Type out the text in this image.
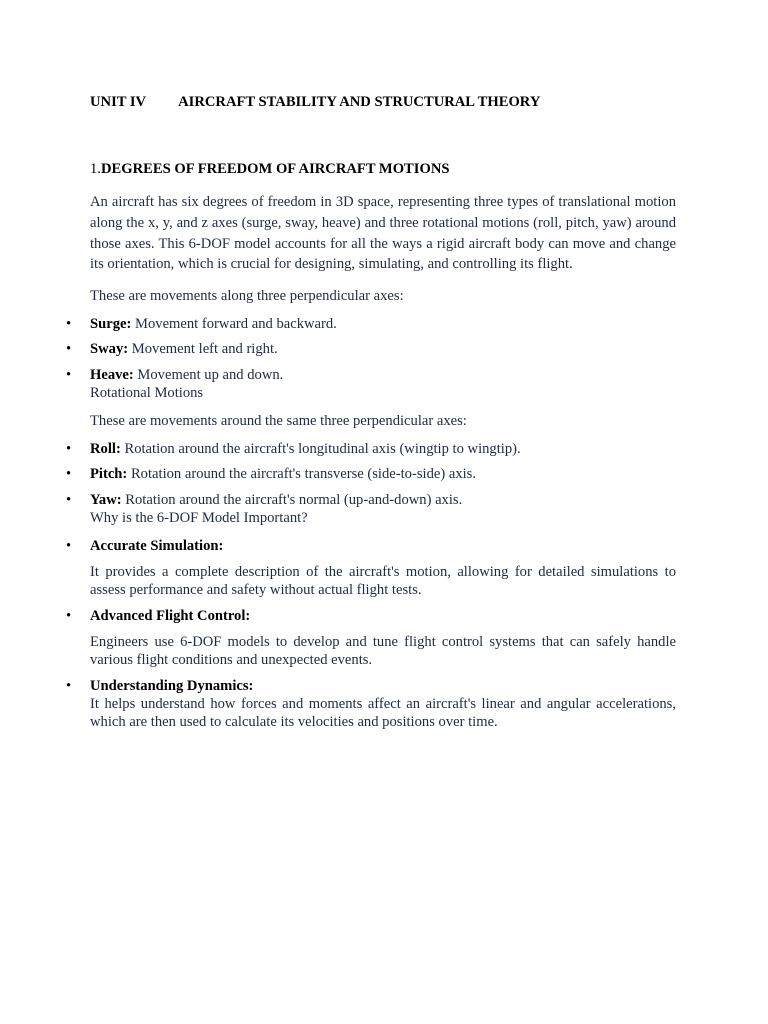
UNIT IV AIRCRAFT STABILITY AND STRUCTURAL THEORY

1.DEGREES OF FREEDOM OF AIRCRAFT MOTIONS

An aircraft has six degrees of freedom in 3D space, representing three types of translational motion along the x, y, and z axes (surge, sway, heave) and three rotational motions (roll, pitch, yaw) around those axes. This 6-DOF model accounts for all the ways a rigid aircraft body can move and change its orientation, which is crucial for designing, simulating, and controlling its flight.

These are movements along three perpendicular axes:

• Surge: Movement forward and backward.
• Sway: Movement left and right.
• Heave: Movement up and down.
Rotational Motions

These are movements around the same three perpendicular axes:

• Roll: Rotation around the aircraft's longitudinal axis (wingtip to wingtip).
• Pitch: Rotation around the aircraft's transverse (side-to-side) axis.
• Yaw: Rotation around the aircraft's normal (up-and-down) axis.
Why is the 6-DOF Model Important?
• Accurate Simulation:

It provides a complete description of the aircraft's motion, allowing for detailed simulations to assess performance and safety without actual flight tests.

• Advanced Flight Control:

Engineers use 6-DOF models to develop and tune flight control systems that can safely handle various flight conditions and unexpected events.

• Understanding Dynamics:
It helps understand how forces and moments affect an aircraft's linear and angular accelerations, which are then used to calculate its velocities and positions over time.
